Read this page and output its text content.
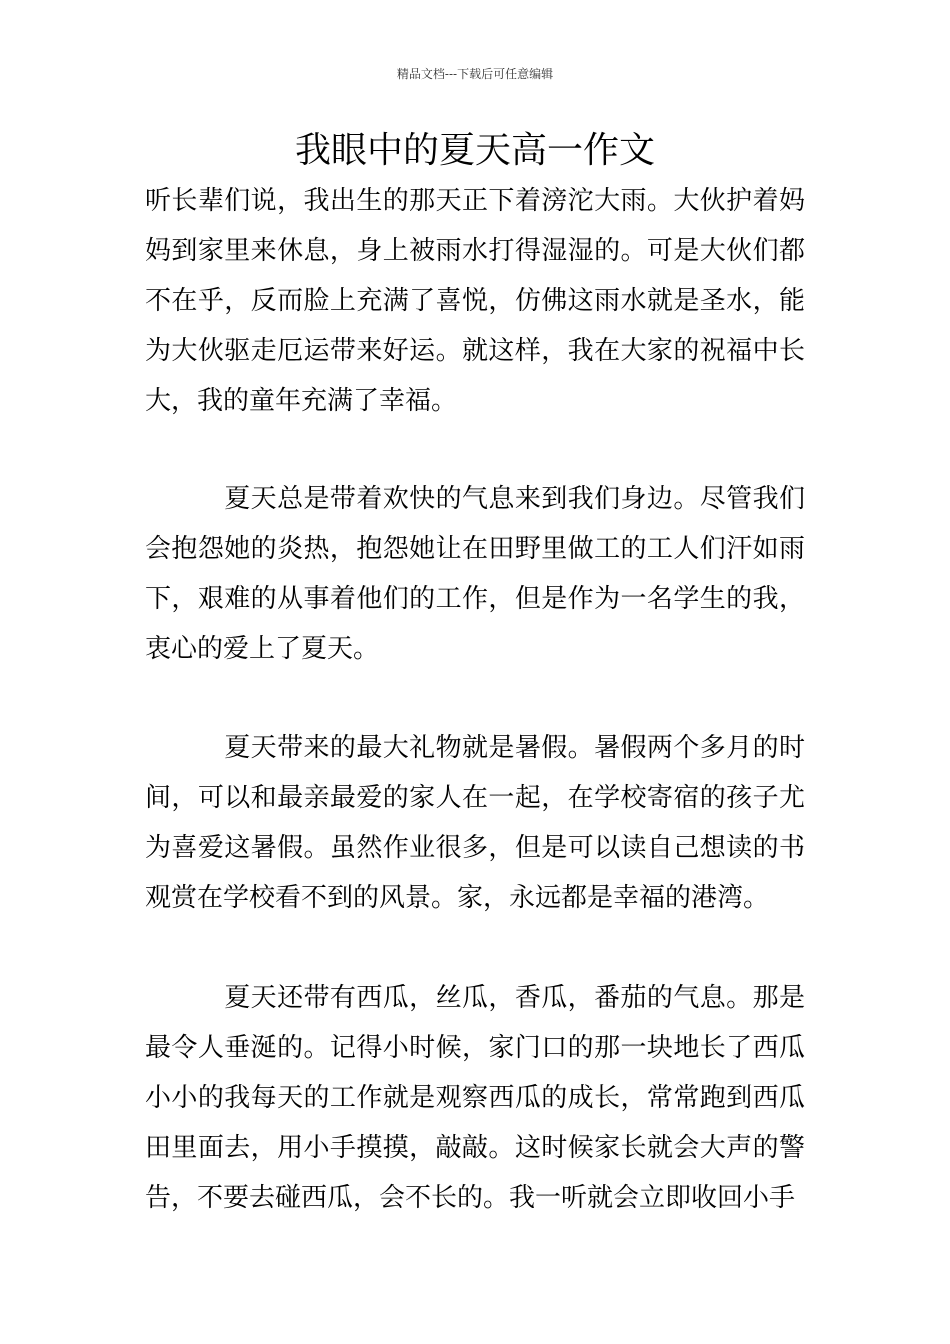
精品文档---下载后可任意编辑
我眼中的夏天高一作文

听长辈们说，我出生的那天正下着滂沱大雨。大伙护着妈妈到家里来休息，身上被雨水打得湿湿的。可是大伙们都不在乎，反而脸上充满了喜悦，仿佛这雨水就是圣水，能为大伙驱走厄运带来好运。就这样，我在大家的祝福中长大，我的童年充满了幸福。

　　　夏天总是带着欢快的气息来到我们身边。尽管我们会抱怨她的炎热，抱怨她让在田野里做工的工人们汗如雨下，艰难的从事着他们的工作，但是作为一名学生的我，衷心的爱上了夏天。

　　　夏天带来的最大礼物就是暑假。暑假两个多月的时间，可以和最亲最爱的家人在一起，在学校寄宿的孩子尤为喜爱这暑假。虽然作业很多，但是可以读自己想读的书观赏在学校看不到的风景。家，永远都是幸福的港湾。

　　　夏天还带有西瓜，丝瓜，香瓜，番茄的气息。那是最令人垂涎的。记得小时候，家门口的那一块地长了西瓜小小的我每天的工作就是观察西瓜的成长，常常跑到西瓜田里面去，用小手摸摸，敲敲。这时候家长就会大声的警告，不要去碰西瓜，会不长的。我一听就会立即收回小手
